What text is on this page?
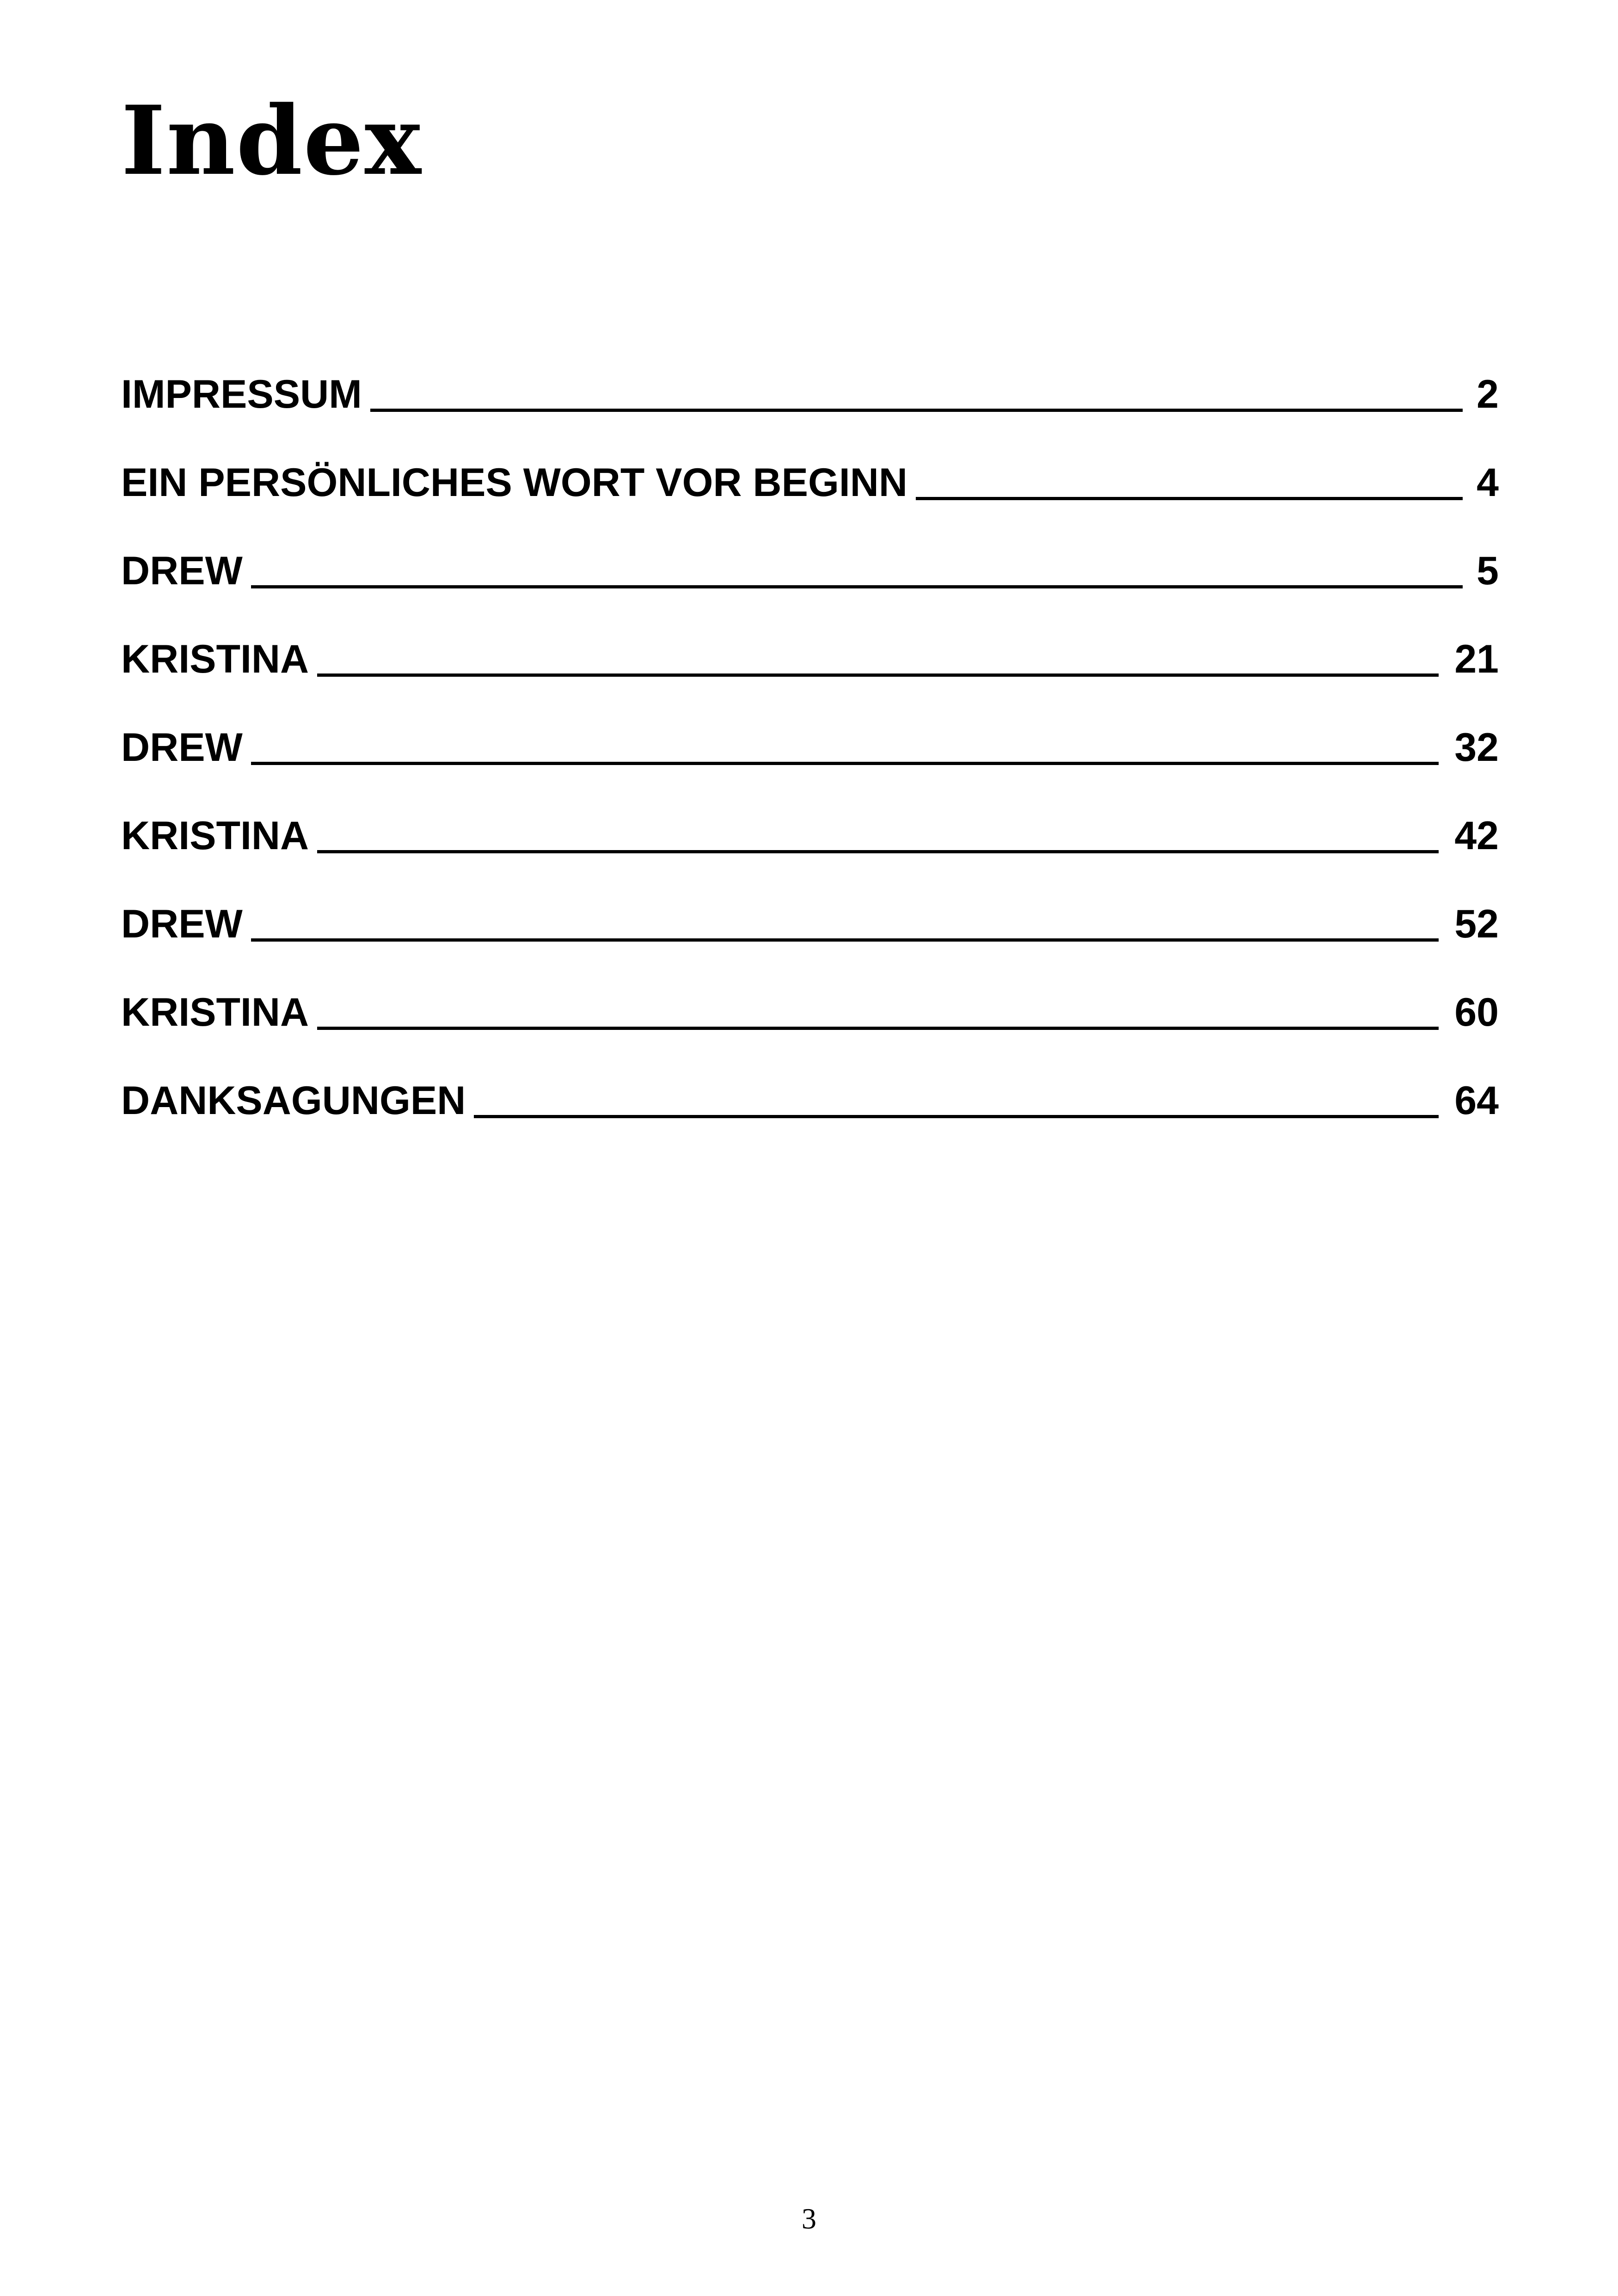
Index
IMPRESSUM	2
EIN PERSÖNLICHES WORT VOR BEGINN	4
DREW	5
KRISTINA	21
DREW	32
KRISTINA	42
DREW	52
KRISTINA	60
DANKSAGUNGEN	64
3
